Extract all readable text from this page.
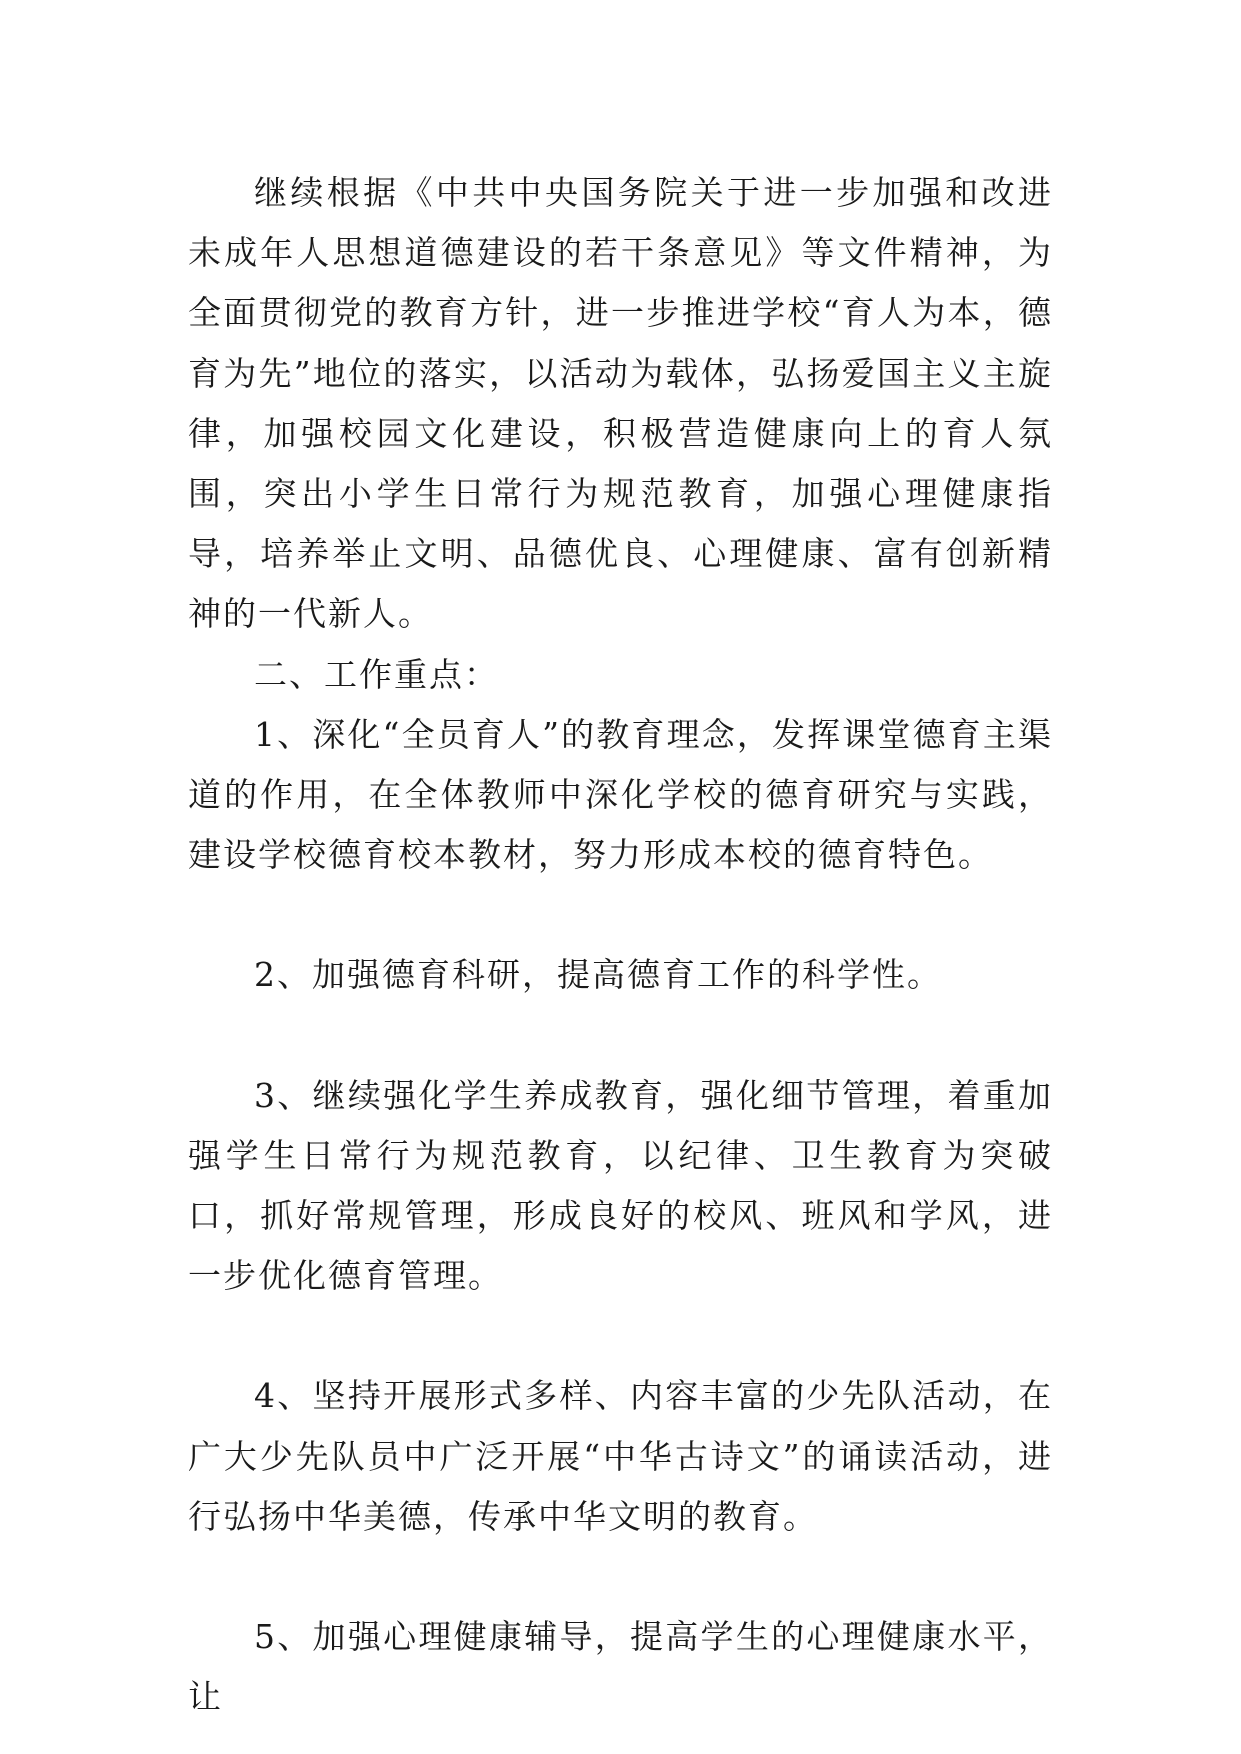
继续根据《中共中央国务院关于进一步加强和改进未成年人思想道德建设的若干条意见》等文件精神，为全面贯彻党的教育方针，进一步推进学校“育人为本，德育为先”地位的落实，以活动为载体，弘扬爱国主义主旋律，加强校园文化建设，积极营造健康向上的育人氛围，突出小学生日常行为规范教育，加强心理健康指导，培养举止文明、品德优良、心理健康、富有创新精神的一代新人。

二、工作重点：

1、深化“全员育人”的教育理念，发挥课堂德育主渠道的作用，在全体教师中深化学校的德育研究与实践，建设学校德育校本教材，努力形成本校的德育特色。

2、加强德育科研，提高德育工作的科学性。

3、继续强化学生养成教育，强化细节管理，着重加强学生日常行为规范教育，以纪律、卫生教育为突破口，抓好常规管理，形成良好的校风、班风和学风，进一步优化德育管理。

4、坚持开展形式多样、内容丰富的少先队活动，在广大少先队员中广泛开展“中华古诗文”的诵读活动，进行弘扬中华美德，传承中华文明的教育。

5、加强心理健康辅导，提高学生的心理健康水平，让
